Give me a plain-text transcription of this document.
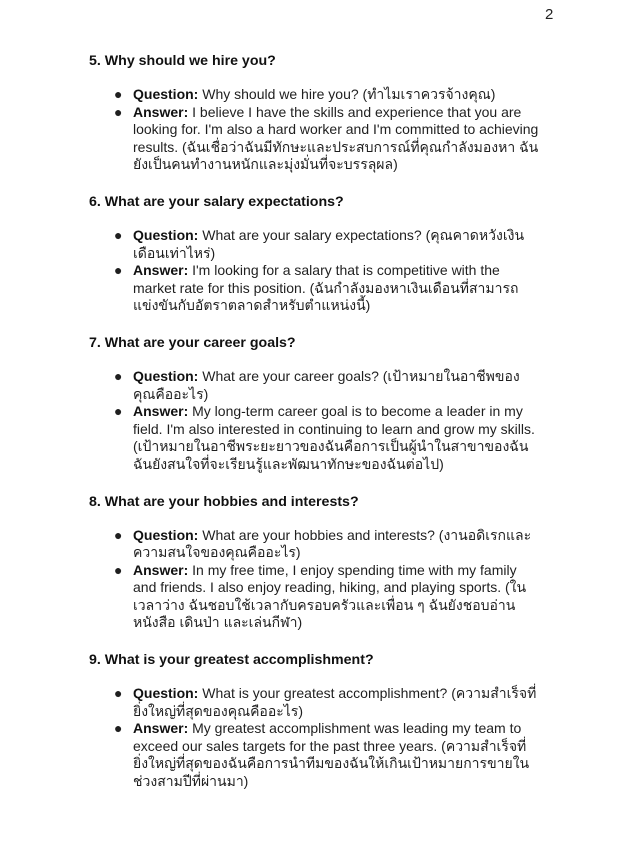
2
5. Why should we hire you?
● Question: Why should we hire you? (ทำไมเราควรจ้างคุณ)
● Answer: I believe I have the skills and experience that you are looking for. I'm also a hard worker and I'm committed to achieving results. (ฉันเชื่อว่าฉันมีทักษะและประสบการณ์ที่คุณกำลังมองหา ฉันยังเป็นคนทำงานหนักและมุ่งมั่นที่จะบรรลุผล)
6. What are your salary expectations?
● Question: What are your salary expectations? (คุณคาดหวังเงินเดือนเท่าไหร่)
● Answer: I'm looking for a salary that is competitive with the market rate for this position. (ฉันกำลังมองหาเงินเดือนที่สามารถแข่งขันกับอัตราตลาดสำหรับตำแหน่งนี้)
7. What are your career goals?
● Question: What are your career goals? (เป้าหมายในอาชีพของคุณคืออะไร)
● Answer: My long-term career goal is to become a leader in my field. I'm also interested in continuing to learn and grow my skills. (เป้าหมายในอาชีพระยะยาวของฉันคือการเป็นผู้นำในสาขาของฉัน ฉันยังสนใจที่จะเรียนรู้และพัฒนาทักษะของฉันต่อไป)
8. What are your hobbies and interests?
● Question: What are your hobbies and interests? (งานอดิเรกและความสนใจของคุณคืออะไร)
● Answer: In my free time, I enjoy spending time with my family and friends. I also enjoy reading, hiking, and playing sports. (ในเวลาว่าง ฉันชอบใช้เวลากับครอบครัวและเพื่อน ๆ ฉันยังชอบอ่านหนังสือ เดินป่า และเล่นกีฬา)
9. What is your greatest accomplishment?
● Question: What is your greatest accomplishment? (ความสำเร็จที่ยิ่งใหญ่ที่สุดของคุณคืออะไร)
● Answer: My greatest accomplishment was leading my team to exceed our sales targets for the past three years. (ความสำเร็จที่ยิ่งใหญ่ที่สุดของฉันคือการนำทีมของฉันให้เกินเป้าหมายการขายในช่วงสามปีที่ผ่านมา)
